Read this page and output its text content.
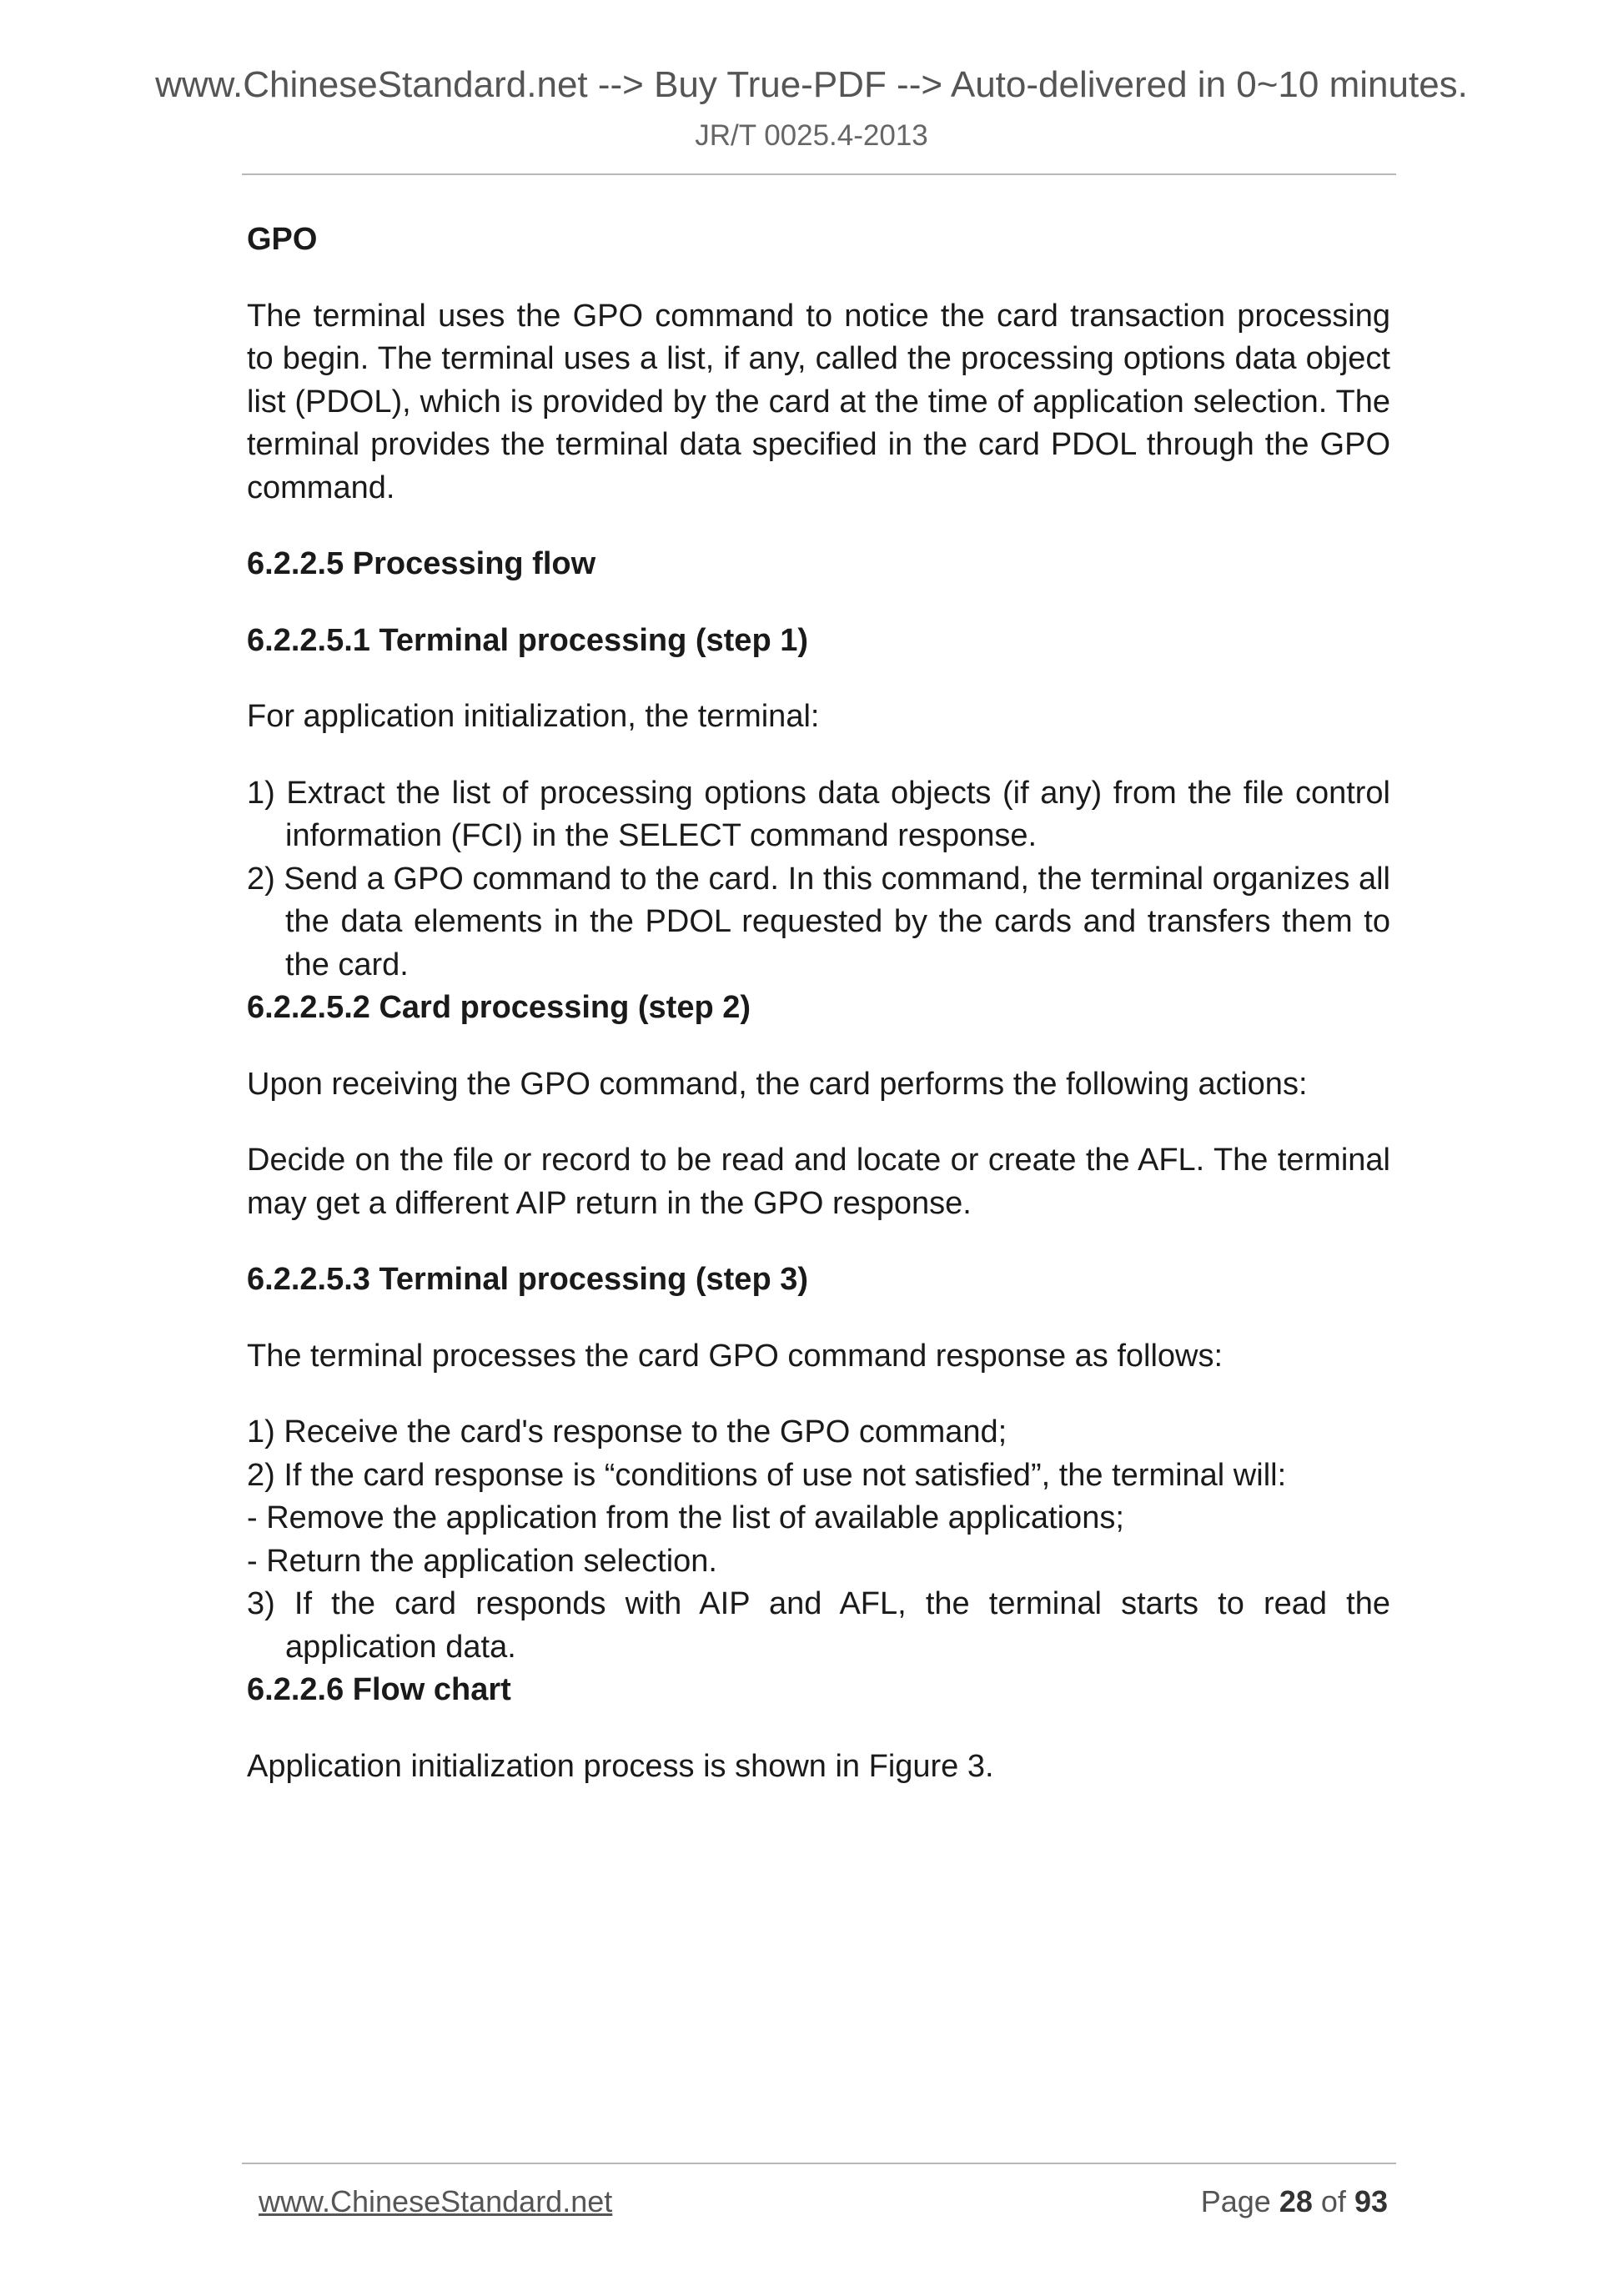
www.ChineseStandard.net --> Buy True-PDF --> Auto-delivered in 0~10 minutes.
JR/T 0025.4-2013

GPO

The terminal uses the GPO command to notice the card transaction processing to begin. The terminal uses a list, if any, called the processing options data object list (PDOL), which is provided by the card at the time of application selection. The terminal provides the terminal data specified in the card PDOL through the GPO command.

6.2.2.5 Processing flow

6.2.2.5.1 Terminal processing (step 1)

For application initialization, the terminal:

1) Extract the list of processing options data objects (if any) from the file control information (FCI) in the SELECT command response.

2) Send a GPO command to the card. In this command, the terminal organizes all the data elements in the PDOL requested by the cards and transfers them to the card.

6.2.2.5.2 Card processing (step 2)

Upon receiving the GPO command, the card performs the following actions:

Decide on the file or record to be read and locate or create the AFL. The terminal may get a different AIP return in the GPO response.

6.2.2.5.3 Terminal processing (step 3)

The terminal processes the card GPO command response as follows:

1) Receive the card's response to the GPO command;

2) If the card response is “conditions of use not satisfied”, the terminal will:

- Remove the application from the list of available applications;

- Return the application selection.

3) If the card responds with AIP and AFL, the terminal starts to read the application data.

6.2.2.6 Flow chart

Application initialization process is shown in Figure 3.

www.ChineseStandard.net	Page 28 of 93
